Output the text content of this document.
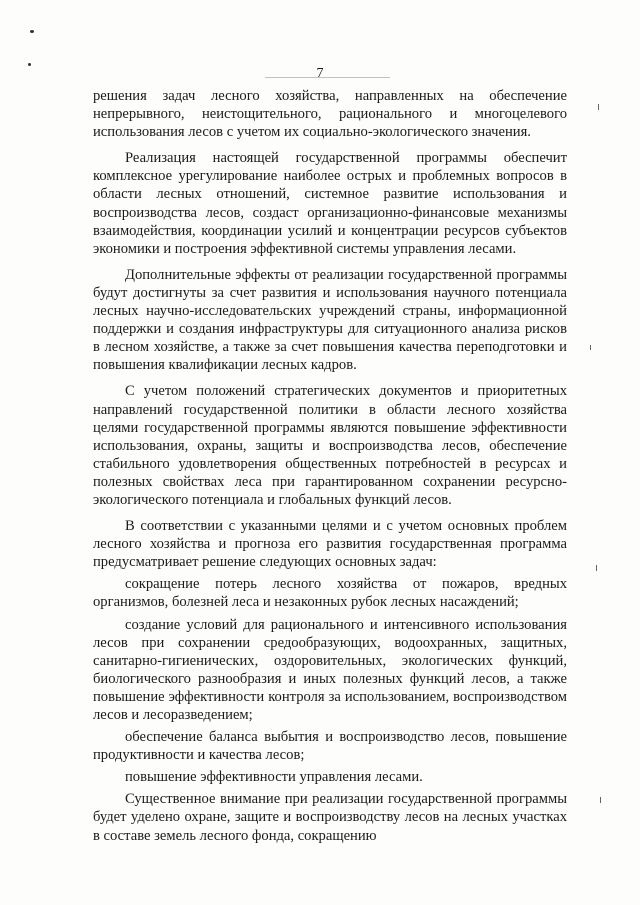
7

решения задач лесного хозяйства, направленных на обеспечение непрерывного, неистощительного, рационального и многоцелевого использования лесов с учетом их социально-экологического значения.

Реализация настоящей государственной программы обеспечит комплексное урегулирование наиболее острых и проблемных вопросов в области лесных отношений, системное развитие использования и воспроизводства лесов, создаст организационно-финансовые механизмы взаимодействия, координации усилий и концентрации ресурсов субъектов экономики и построения эффективной системы управления лесами.

Дополнительные эффекты от реализации государственной программы будут достигнуты за счет развития и использования научного потенциала лесных научно-исследовательских учреждений страны, информационной поддержки и создания инфраструктуры для ситуационного анализа рисков в лесном хозяйстве, а также за счет повышения качества переподготовки и повышения квалификации лесных кадров.

С учетом положений стратегических документов и приоритетных направлений государственной политики в области лесного хозяйства целями государственной программы являются повышение эффективности использования, охраны, защиты и воспроизводства лесов, обеспечение стабильного удовлетворения общественных потребностей в ресурсах и полезных свойствах леса при гарантированном сохранении ресурсно-экологического потенциала и глобальных функций лесов.

В соответствии с указанными целями и с учетом основных проблем лесного хозяйства и прогноза его развития государственная программа предусматривает решение следующих основных задач:

сокращение потерь лесного хозяйства от пожаров, вредных организмов, болезней леса и незаконных рубок лесных насаждений;

создание условий для рационального и интенсивного использования лесов при сохранении средообразующих, водоохранных, защитных, санитарно-гигиенических, оздоровительных, экологических функций, биологического разнообразия и иных полезных функций лесов, а также повышение эффективности контроля за использованием, воспроизводством лесов и лесоразведением;

обеспечение баланса выбытия и воспроизводство лесов, повышение продуктивности и качества лесов;

повышение эффективности управления лесами.

Существенное внимание при реализации государственной программы будет уделено охране, защите и воспроизводству лесов на лесных участках в составе земель лесного фонда, сокращению
